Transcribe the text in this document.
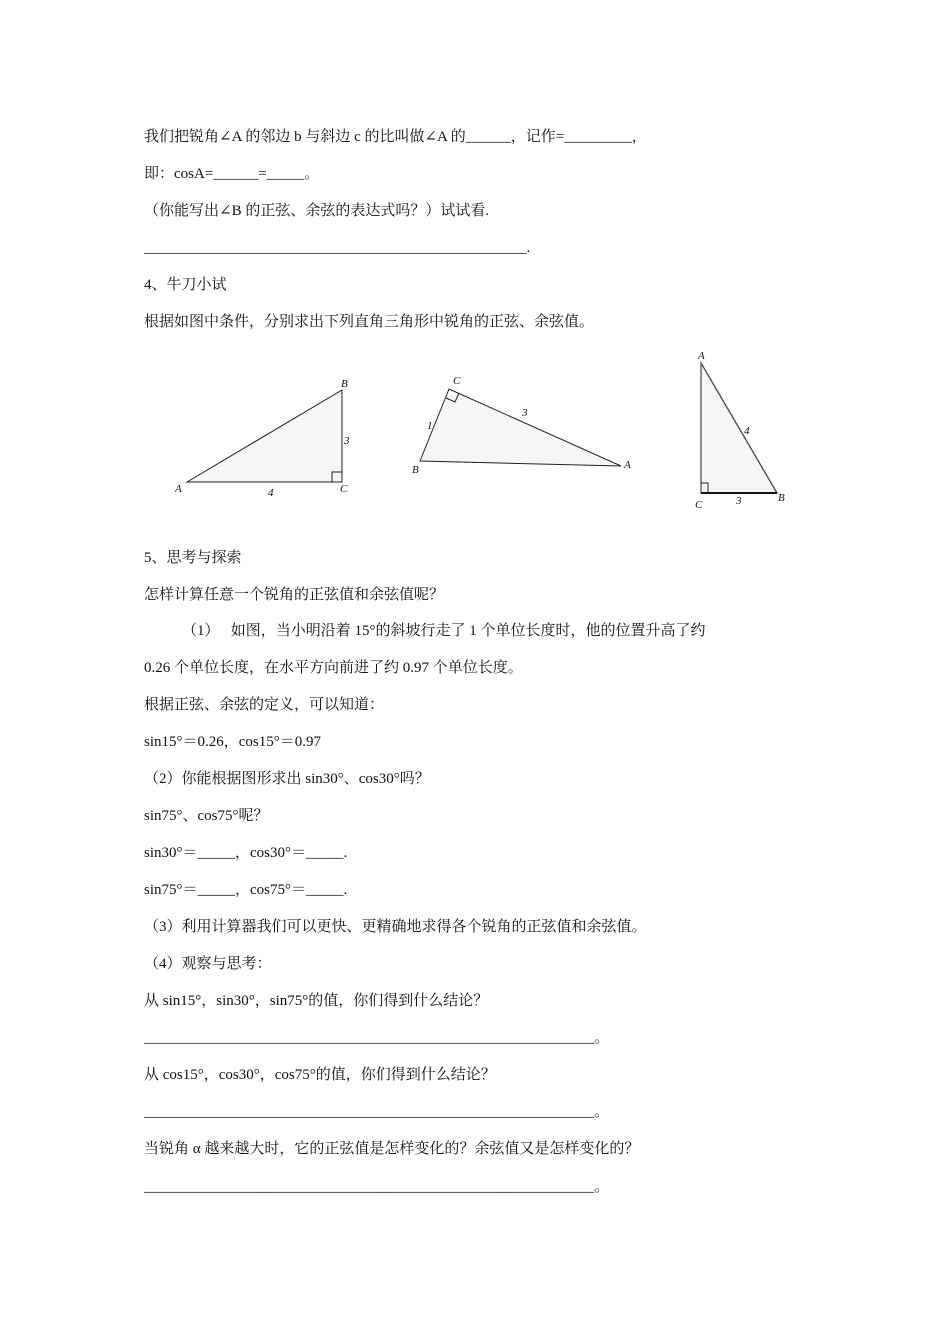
我们把锐角∠A 的邻边 b 与斜边 c 的比叫做∠A 的______，记作=_________，
即：cosA=______=_____。
（你能写出∠B 的正弦、余弦的表达式吗？）试试看.
___________________________________________________.
4、牛刀小试
根据如图中条件，分别求出下列直角三角形中锐角的正弦、余弦值。
B
3
A	4	C
C
3
1
B	A
A
4
C	3	B
5、思考与探索
怎样计算任意一个锐角的正弦值和余弦值呢？
（1）   如图，当小明沿着 15°的斜坡行走了 1 个单位长度时，他的位置升高了约
0.26 个单位长度，在水平方向前进了约 0.97 个单位长度。
根据正弦、余弦的定义，可以知道：
sin15°＝0.26，cos15°＝0.97
（2）你能根据图形求出 sin30°、cos30°吗？
sin75°、cos75°呢？
sin30°＝_____，cos30°＝_____.
sin75°＝_____，cos75°＝_____.
（3）利用计算器我们可以更快、更精确地求得各个锐角的正弦值和余弦值。
（4）观察与思考：
从 sin15°，sin30°，sin75°的值，你们得到什么结论？
____________________________________________________________。
从 cos15°，cos30°，cos75°的值，你们得到什么结论？
____________________________________________________________。
当锐角 α 越来越大时，它的正弦值是怎样变化的？余弦值又是怎样变化的？
____________________________________________________________。
